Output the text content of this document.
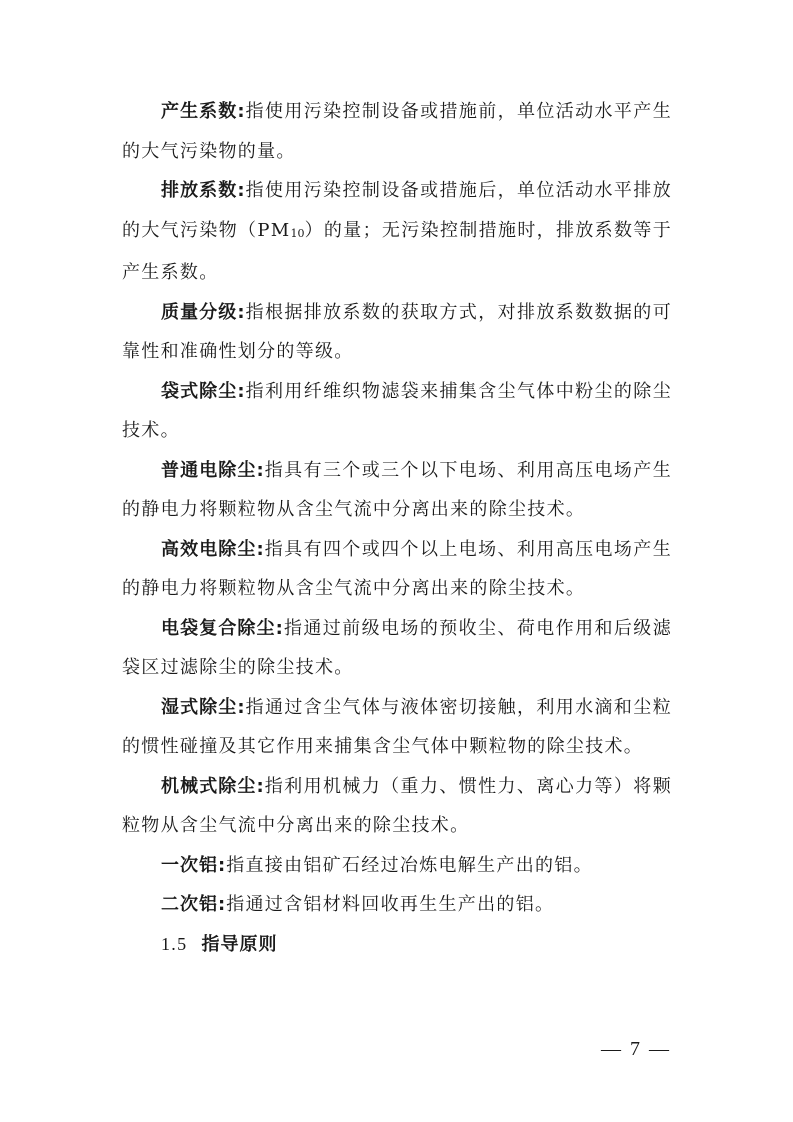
产生系数:指使用污染控制设备或措施前，单位活动水平产生的大气污染物的量。

排放系数:指使用污染控制设备或措施后，单位活动水平排放的大气污染物（PM10）的量；无污染控制措施时，排放系数等于产生系数。

质量分级:指根据排放系数的获取方式，对排放系数数据的可靠性和准确性划分的等级。

袋式除尘:指利用纤维织物滤袋来捕集含尘气体中粉尘的除尘技术。

普通电除尘:指具有三个或三个以下电场、利用高压电场产生的静电力将颗粒物从含尘气流中分离出来的除尘技术。

高效电除尘:指具有四个或四个以上电场、利用高压电场产生的静电力将颗粒物从含尘气流中分离出来的除尘技术。

电袋复合除尘:指通过前级电场的预收尘、荷电作用和后级滤袋区过滤除尘的除尘技术。

湿式除尘:指通过含尘气体与液体密切接触，利用水滴和尘粒的惯性碰撞及其它作用来捕集含尘气体中颗粒物的除尘技术。

机械式除尘:指利用机械力（重力、惯性力、离心力等）将颗粒物从含尘气流中分离出来的除尘技术。

一次铝:指直接由铝矿石经过冶炼电解生产出的铝。

二次铝:指通过含铝材料回收再生生产出的铝。

1.5 指导原则

— 7 —
